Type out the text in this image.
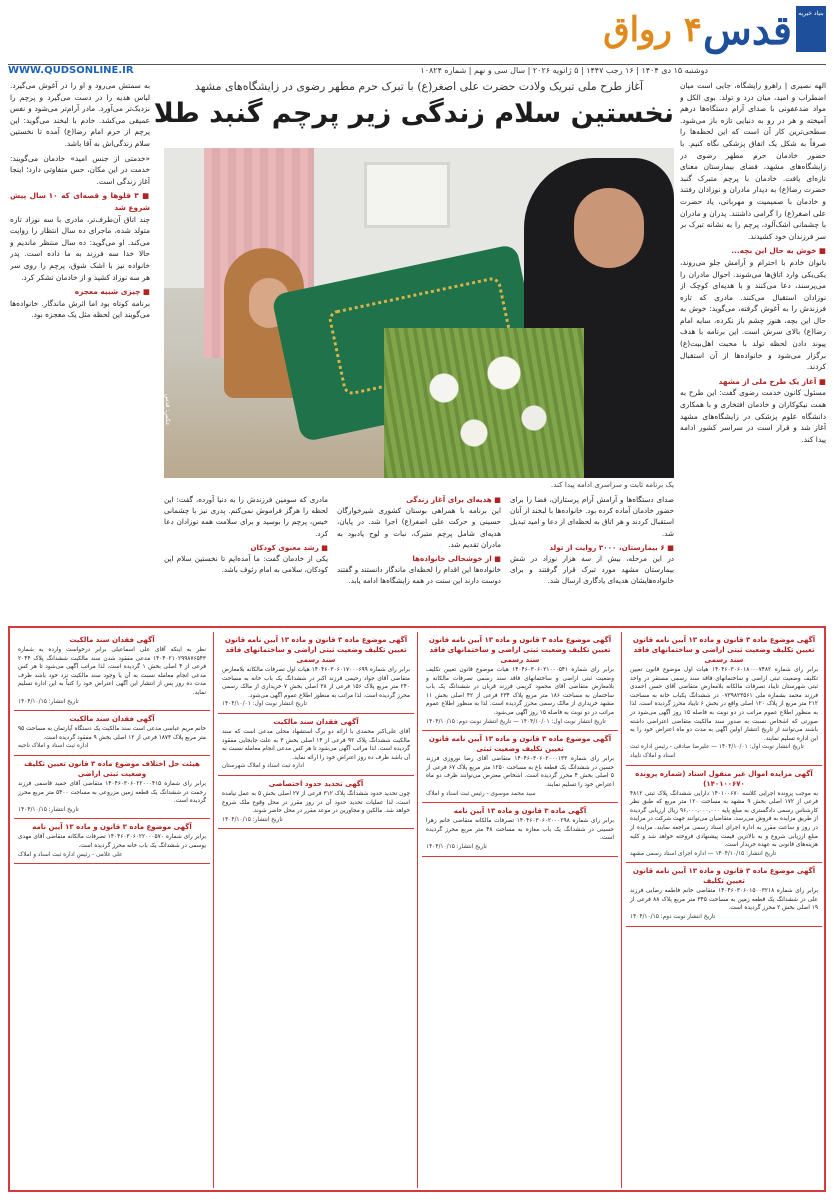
بنیاد خیریه
قدس
۴ رواق
دوشنبه ۱۵ دی ۱۴۰۴ | ۱۶ رجب ۱۴۴۷ | ۵ ژانویه ۲۰۲۶ | سال سی و نهم | شماره ۱۰۸۲۴
WWW.QUDSONLINE.IR
الهه نصیری | راهرو زایشگاه، جایی است میان اضطراب و امید، میان درد و تولد. بوی الکل و مواد ضدعفونی با صدای آرام دستگاه‌ها درهم آمیخته و هر در رو به دنیایی تازه باز می‌شود. سطحی‌ترین کار آن است که این لحظه‌ها را صرفاً به شکل یک اتفاق پزشکی نگاه کنیم. با حضور خادمان حرم مطهر رضوی در زایشگاه‌های مشهد، فضای بیمارستان معنای تازه‌ای یافت. خادمان با پرچم متبرک گنبد حضرت رضا(ع) به دیدار مادران و نوزادان رفتند و خادمان با صمیمیت و مهربانی، یاد حضرت علی اصغر(ع) را گرامی داشتند. پدران و مادران با چشمانی اشک‌آلود، پرچم را به نشانه تبرک بر سر فرزندان خود کشیدند.
■ خوش به حال این بچه...
بانوان خادم با احترام و آرامش جلو می‌روند، یکی‌یکی وارد اتاق‌ها می‌شوند. احوال مادران را می‌پرسند، دعا می‌کنند و با هدیه‌ای کوچک از نوزادان استقبال می‌کنند. مادری که تازه فرزندش را به آغوش گرفته، می‌گوید: خوش به حال این بچه، هنوز چشم باز نکرده، سایه امام رضا(ع) بالای سرش است. این برنامه با هدف پیوند دادن لحظه تولد با محبت اهل‌بیت(ع) برگزار می‌شود و خانواده‌ها از آن استقبال کردند.
■ آغاز یک طرح ملی از مشهد
مسئول کانون خدمت رضوی گفت: این طرح به همت نیکوکاران و خادمان افتخاری و با همکاری دانشگاه علوم پزشکی در زایشگاه‌های مشهد آغاز شد و قرار است در سراسر کشور ادامه پیدا کند.
آغاز طرح ملی تبریک ولادت حضرت علی اصغر(ع) با تبرک حرم مطهر رضوی در زایشگاه‌های مشهد
نخستین سلام زندگی زیر پرچم گنبد طلا
عکس: قدس
یک برنامه ثابت و سراسری ادامه پیدا کند.
صدای دستگاه‌ها و آرامش آرام پرستاران، فضا را برای حضور خادمان آماده کرده بود. خانواده‌ها با لبخند از آنان استقبال کردند و هر اتاق به لحظه‌ای از دعا و امید تبدیل شد.
■ ۶ بیمارستان، ۳۰۰۰ روایت از تولد
در این مرحله، بیش از سه هزار نوزاد در شش بیمارستان مشهد مورد تبرک قرار گرفتند و برای خانواده‌هایشان هدیه‌ای یادگاری ارسال شد.
■ هدیه‌ای برای آغاز زندگی
این برنامه با همراهی بوستان کشوری شیرخوارگان حسینی و حرکت علی اصغر(ع) اجرا شد. در پایان، هدیه‌ای شامل پرچم متبرک، نبات و لوح یادبود به مادران تقدیم شد.
■ از خوشحالی خانواده‌ها
خانواده‌ها این اقدام را لحظه‌ای ماندگار دانستند و گفتند دوست دارند این سنت در همه زایشگاه‌ها ادامه یابد.
مادری که سومین فرزندش را به دنیا آورده، گفت: این لحظه را هرگز فراموش نمی‌کنم. پدری نیز با چشمانی خیس، پرچم را بوسید و برای سلامت همه نوزادان دعا کرد.
■ رشد معنوی کودکان
یکی از خادمان گفت: ما آمده‌ایم تا نخستین سلام این کودکان، سلامی به امام رئوف باشد.
به سمتش می‌رود و او را در آغوش می‌گیرد. لباس هدیه را در دست می‌گیرد و پرچم را نزدیک‌تر می‌آورد. مادر آرام‌تر می‌شود و نفس عمیقی می‌کشد. خادم با لبخند می‌گوید: این پرچم از حرم امام رضا(ع) آمده تا نخستین سلام زندگی‌اش به آقا باشد.
«خدمتی از جنس امید» خادمان می‌گویند: خدمت در این مکان، حس متفاوتی دارد؛ اینجا آغاز زندگی است.
■ ۳ قلوها و قصه‌ای که ۱۰ سال پیش شروع شد
چند اتاق آن‌طرف‌تر، مادری با سه نوزاد تازه متولد شده، ماجرای ده سال انتظار را روایت می‌کند. او می‌گوید: ده سال منتظر ماندیم و حالا خدا سه فرزند به ما داده است. پدر خانواده نیز با اشک شوق، پرچم را روی سر هر سه نوزاد کشید و از خادمان تشکر کرد.
■ چیزی شبیه معجزه
برنامه کوتاه بود اما اثرش ماندگار. خانواده‌ها می‌گویند این لحظه مثل یک معجزه بود.
آگهی موضوع ماده ۳ قانون و ماده ۱۳ آیین نامه قانون تعیین تکلیف وضعیت ثبتی اراضی و ساختمانهای فاقد سند رسمی
برابر رای شماره ۱۴۰۴۶۰۳۰۶۰۱۸۰۰۰۷۴۸۲ هیات اول موضوع قانون تعیین تکلیف وضعیت ثبتی اراضی و ساختمانهای فاقد سند رسمی مستقر در واحد ثبتی شهرستان تایباد تصرفات مالکانه بلامعارض متقاضی آقای حسن احمدی فرزند محمد بشماره ملی ۰۷۳۹۸۲۳۵۶۱ در ششدانگ یکباب خانه به مساحت ۲۱۲ متر مربع از پلاک ۱۲۰ اصلی واقع در بخش ۶ تایباد محرز گردیده است. لذا به منظور اطلاع عموم مراتب در دو نوبت به فاصله ۱۵ روز آگهی می‌شود در صورتی که اشخاص نسبت به صدور سند مالکیت متقاضی اعتراضی داشته باشند می‌توانند از تاریخ انتشار اولین آگهی به مدت دو ماه اعتراض خود را به این اداره تسلیم نمایند.
تاریخ انتشار نوبت اول: ۱۴۰۴/۱۰/۰۱ — علیرضا صادقی - رئیس اداره ثبت اسناد و املاک تایباد
آگهی مزایده اموال غیر منقول اسناد (شماره پرونده ۱۴۰۱۰۰۶۷۰)
به موجب پرونده اجرایی کلاسه ۱۴۰۱۰۰۶۷۰ دارایی ششدانگ پلاک ثبتی ۴۸۱۲ فرعی از ۱۷۲ اصلی بخش ۹ مشهد به مساحت ۱۲۰ متر مربع که طبق نظر کارشناس رسمی دادگستری به مبلغ پایه ۹۶,۰۰۰,۰۰۰,۰۰۰ ریال ارزیابی گردیده از طریق مزایده به فروش می‌رسد. متقاضیان می‌توانند جهت شرکت در مزایده در روز و ساعت مقرر به اداره اجرای اسناد رسمی مراجعه نمایند. مزایده از مبلغ ارزیابی شروع و به بالاترین قیمت پیشنهادی فروخته خواهد شد و کلیه هزینه‌های قانونی به عهده خریدار است.
تاریخ انتشار: ۱۴۰۴/۱۰/۱۵ — اداره اجرای اسناد رسمی مشهد
آگهی موضوع ماده ۳ قانون و ماده ۱۳ آیین نامه قانون تعیین تکلیف
برابر رای شماره ۱۴۰۴۶۰۳۰۶۰۱۵۰۰۳۲۱۸ متقاضی خانم فاطمه رضایی فرزند علی در ششدانگ یک قطعه زمین به مساحت ۳۴۵ متر مربع پلاک ۸۸ فرعی از ۱۹ اصلی بخش ۲ محرز گردیده است.
تاریخ انتشار نوبت دوم: ۱۴۰۴/۱۰/۱۵
آگهی موضوع ماده ۳ قانون و ماده ۱۳ آیین نامه قانون تعیین تکلیف وضعیت ثبتی اراضی و ساختمانهای فاقد سند رسمی
برابر رای شماره ۱۴۰۴۶۰۳۰۶۰۲۱۰۰۰۵۴۱ هیات موضوع قانون تعیین تکلیف وضعیت ثبتی اراضی و ساختمانهای فاقد سند رسمی تصرفات مالکانه و بلامعارض متقاضی آقای محمود کریمی فرزند قربان در ششدانگ یک باب ساختمان به مساحت ۱۸۶ متر مربع پلاک ۲۳۴ فرعی از ۴۲ اصلی بخش ۱۱ مشهد خریداری از مالک رسمی محرز گردیده است. لذا به منظور اطلاع عموم مراتب در دو نوبت به فاصله ۱۵ روز آگهی می‌شود.
تاریخ انتشار نوبت اول: ۱۴۰۴/۱۰/۰۱ — تاریخ انتشار نوبت دوم: ۱۴۰۴/۱۰/۱۵
آگهی موضوع ماده ۳ قانون و ماده ۱۳ آیین نامه قانون تعیین تکلیف وضعیت ثبتی
برابر رای شماره ۱۴۰۴۶۰۳۰۶۰۲۰۰۰۱۳۳ متقاضی آقای رضا نوروزی فرزند حسین در ششدانگ یک قطعه باغ به مساحت ۱۲۵۰ متر مربع پلاک ۶۷ فرعی از ۵ اصلی بخش ۴ محرز گردیده است. اشخاص معترض می‌توانند ظرف دو ماه اعتراض خود را تسلیم نمایند.
سید محمد موسوی - رئیس ثبت اسناد و املاک
آگهی ماده ۳ قانون و ماده ۱۳ آیین نامه
برابر رای شماره ۱۴۰۴۶۰۳۰۶۰۲۰۰۰۲۹۸ تصرفات مالکانه متقاضی خانم زهرا حسینی در ششدانگ یک باب مغازه به مساحت ۴۸ متر مربع محرز گردیده است.
تاریخ انتشار: ۱۴۰۴/۱۰/۱۵
آگهی موضوع ماده ۳ قانون و ماده ۱۳ آیین نامه قانون تعیین تکلیف وضعیت ثبتی اراضی و ساختمانهای فاقد سند رسمی
برابر رای شماره ۱۴۰۴۶۰۳۰۶۰۱۷۰۰۰۶۹۹ هیات اول تصرفات مالکانه بلامعارض متقاضی آقای جواد رحیمی فرزند اکبر در ششدانگ یک باب خانه به مساحت ۲۴۰ متر مربع پلاک ۱۵۶ فرعی از ۳۸ اصلی بخش ۷ خریداری از مالک رسمی محرز گردیده است. لذا مراتب به منظور اطلاع عموم آگهی می‌شود.
تاریخ انتشار نوبت اول: ۱۴۰۴/۱۰/۰۱
آگهی فقدان سند مالکیت
آقای علی‌اکبر محمدی با ارائه دو برگ استشهاد محلی مدعی است که سند مالکیت ششدانگ پلاک ۹۲ فرعی از ۱۴ اصلی بخش ۳ به علت جابجایی مفقود گردیده است. لذا مراتب آگهی می‌شود تا هر کس مدعی انجام معامله نسبت به آن باشد ظرف ده روز اعتراض خود را ارائه نماید.
اداره ثبت اسناد و املاک شهرستان
آگهی تحدید حدود اختصاصی
چون تحدید حدود ششدانگ پلاک ۳۱۲ فرعی از ۲۷ اصلی بخش ۵ به عمل نیامده است، لذا عملیات تحدید حدود آن در روز مقرر در محل وقوع ملک شروع خواهد شد. مالکین و مجاورین در موعد مقرر در محل حاضر شوند.
تاریخ انتشار: ۱۴۰۴/۱۰/۱۵
آگهی فقدان سند مالکیت
نظر به اینکه آقای علی اسماعیلی برابر درخواست وارده به شماره ۱۴۰۴۰۲۱۰۲۹۹۸۷۶۵۴۳ مدعی مفقود شدن سند مالکیت ششدانگ پلاک ۲۰۴۴ فرعی از ۴ اصلی بخش ۱ گردیده است، لذا مراتب آگهی می‌شود تا هر کس مدعی انجام معامله نسبت به آن یا وجود سند مالکیت نزد خود باشد ظرف مدت ده روز پس از انتشار این آگهی اعتراض خود را کتباً به این اداره تسلیم نماید.
تاریخ انتشار: ۱۴۰۴/۱۰/۱۵
آگهی فقدان سند مالکیت
خانم مریم عباسی مدعی است سند مالکیت یک دستگاه آپارتمان به مساحت ۹۵ متر مربع پلاک ۱۸۷۳ فرعی از ۱۲ اصلی بخش ۹ مفقود گردیده است.
اداره ثبت اسناد و املاک ناحیه
هیئت حل اختلاف موضوع ماده ۳ قانون تعیین تکلیف وضعیت ثبتی اراضی
برابر رای شماره ۱۴۰۴۶۰۳۰۶۰۲۲۰۰۰۴۱۵ متقاضی آقای حمید قاسمی فرزند رحمت در ششدانگ یک قطعه زمین مزروعی به مساحت ۵۴۰۰ متر مربع محرز گردیده است.
تاریخ انتشار: ۱۴۰۴/۱۰/۱۵
آگهی موضوع ماده ۳ قانون و ماده ۱۳ آیین نامه
برابر رای شماره ۱۴۰۴۶۰۳۰۶۰۲۲۰۰۰۵۷۰ تصرفات مالکانه متقاضی آقای مهدی یوسفی در ششدانگ یک باب خانه محرز گردیده است.
علی غلامی - رئیس اداره ثبت اسناد و املاک
